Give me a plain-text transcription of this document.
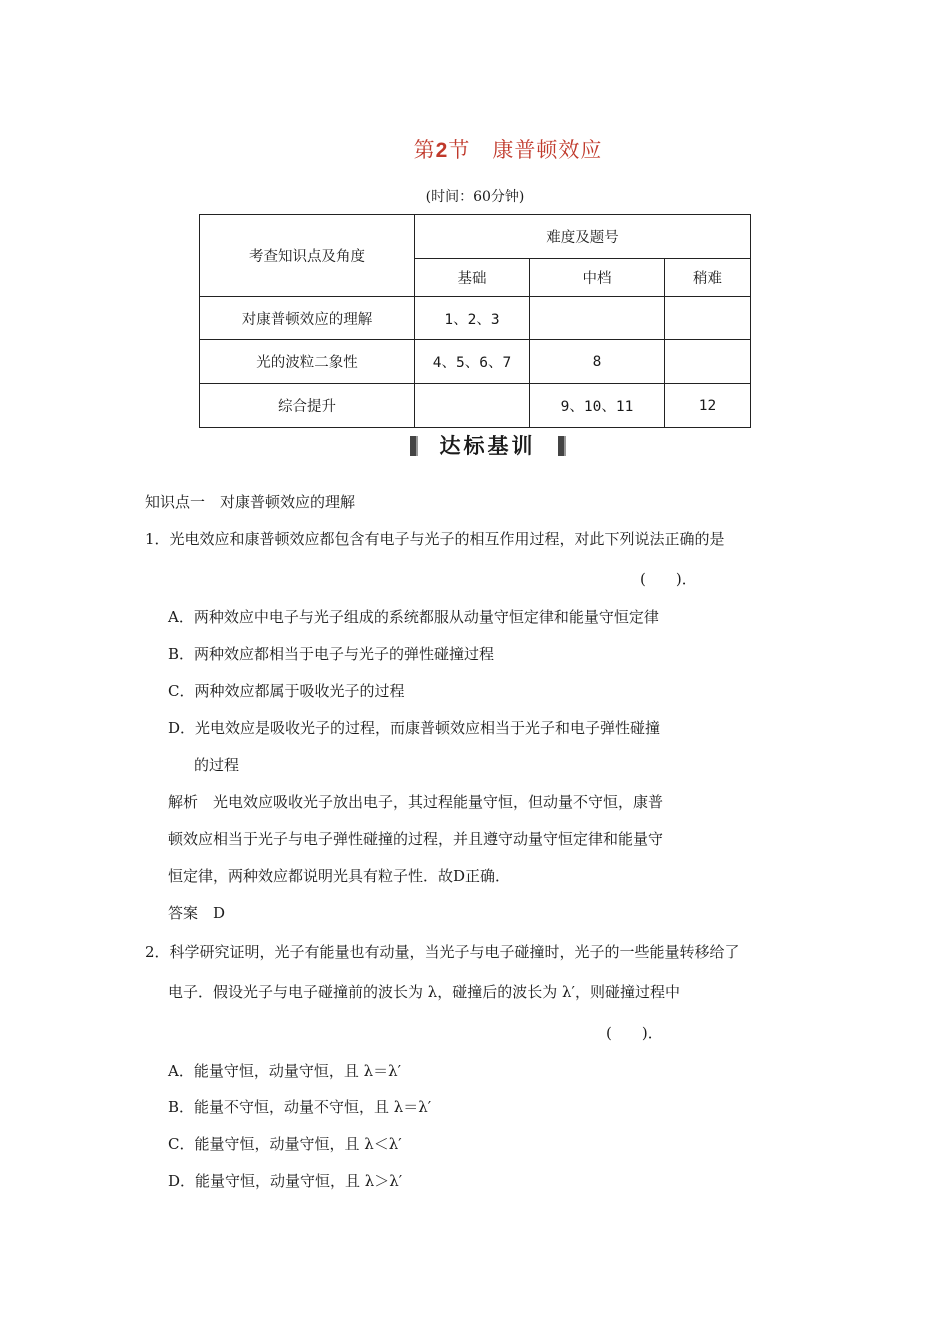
第2节　康普顿效应
(时间：60分钟)
考查知识点及角度	难度及题号		
	基础	中档	稍难
对康普顿效应的理解	1、2、3		
光的波粒二象性	4、5、6、7	8	
综合提升		9、10、11	12
达标基训
知识点一　对康普顿效应的理解
1．光电效应和康普顿效应都包含有电子与光子的相互作用过程，对此下列说法正确的是
(　　)．
A．两种效应中电子与光子组成的系统都服从动量守恒定律和能量守恒定律
B．两种效应都相当于电子与光子的弹性碰撞过程
C．两种效应都属于吸收光子的过程
D．光电效应是吸收光子的过程，而康普顿效应相当于光子和电子弹性碰撞
的过程
解析　光电效应吸收光子放出电子，其过程能量守恒，但动量不守恒，康普
顿效应相当于光子与电子弹性碰撞的过程，并且遵守动量守恒定律和能量守
恒定律，两种效应都说明光具有粒子性．故D正确．
答案　D
2．科学研究证明，光子有能量也有动量，当光子与电子碰撞时，光子的一些能量转移给了
电子．假设光子与电子碰撞前的波长为 λ，碰撞后的波长为 λ′，则碰撞过程中
(　　)．
A．能量守恒，动量守恒，且 λ＝λ′
B．能量不守恒，动量不守恒，且 λ＝λ′
C．能量守恒，动量守恒，且 λ＜λ′
D．能量守恒，动量守恒，且 λ＞λ′
